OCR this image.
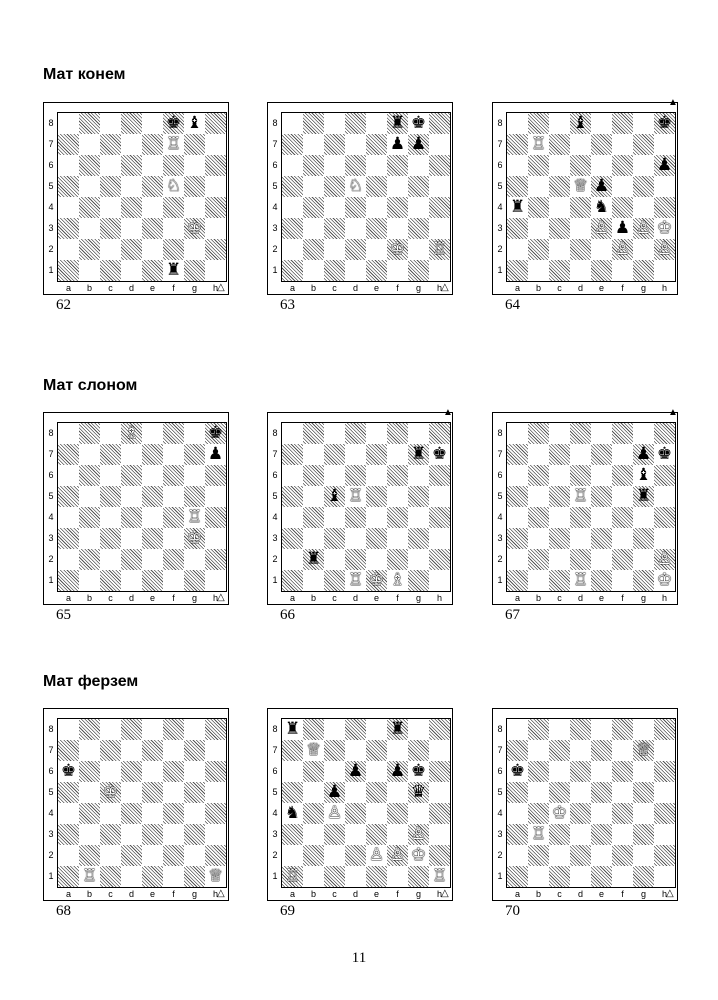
Мат конем
Мат слоном
Мат ферзем
♚ ♝
♖
♘
♔
♜
8
7
6
5
4
3
2
1
a	b	c	d	e	f	g	h △
62
♜ ♚
♟ ♟
♘
♔ ♖
8
7
6
5
4
3
2
1
a	b	c	d	e	f	g	h △
63
♝	♚
♖
♟
♕ ♟
♜	♞
♙ ♟ ♙ ♔
♙ ♙
8
7
6
5
4
3
2
1
a	b	c	d	e	f	g	h
▲
64
♗	♚
♟
♖
♔
8
7
6
5
4
3
2
1
a	b	c	d	e	f	g	h △
65
♜ ♚
♝ ♖
♜
♖ ♔ ♗
8
7
6
5
4
3
2
1
a	b	c	d	e	f	g	h
▲
66
♟ ♚
♝
♖	♜
♙
♖	♔
8
7
6
5
4
3
2
1
a	b	c	d	e	f	g	h
▲
67
♚
♔
♖	♕
8
7
6
5
4
3
2
1
a	b	c	d	e	f	g	h △
68
♜	♜
♕
♟ ♟ ♚
♟	♛
♞ ♙
♙
♙ ♙ ♔
♖	♖
8
7
6
5
4
3
2
1
a	b	c	d	e	f	g	h △
69
♕
♚
♔
♖
8
7
6
5
4
3
2
1
a	b	c	d	e	f	g	h △
70
11
